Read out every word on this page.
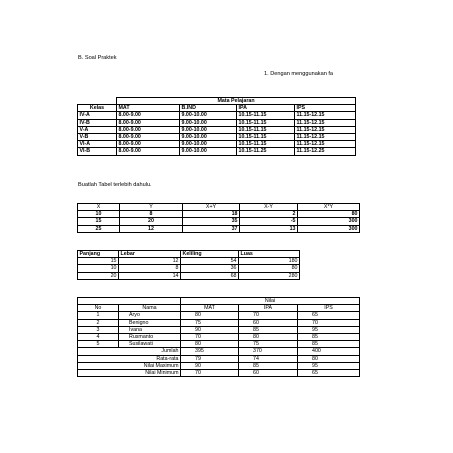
B. Soal Praktek
1. Dengan menggunakan fa
	Mata Pelajaran			
Kelas	MAT	B.IND	IPA	IPS
IV-A	8.00-9.00	9.00-10.00	10.15-11.15	11.15-12.15
IV-B	8.00-9.00	9.00-10.00	10.15-11.15	11.15-12.15
V-A	8.00-9.00	9.00-10.00	10.15-11.15	11.15-12.15
V-B	8.00-9.00	9.00-10.00	10.15-11.15	11.15-12.15
VI-A	8.00-9.00	9.00-10.00	10.15-11.15	11.15-12.15
VI-B	8.00-9.00	9.00-10.00	10.15-11.25	11.15-12.25
Buatlah Tabel terlebih dahulu.
X	Y	X+Y	X-Y	X*Y
10	8	18	2	80
15	20	35	-5	300
25	12	37	13	300
Panjang	Lebar	Keliling	Luas
15	12	54	180
10	8	36	80
20	14	68	280
		Nilai		
No	Nama	MAT	IPA	IPS
1	Aryo	80	70	65
2	Benigno	75	60	70
3	Ivana	90	85	95
4	Rusmanto	70	80	85
5	Susilawati	80	75	85
Jumlah		395	370	400
Rata-rata		79	74	80
Nilai Maximum		90	85	95
Nilai Minimum		70	60	65
